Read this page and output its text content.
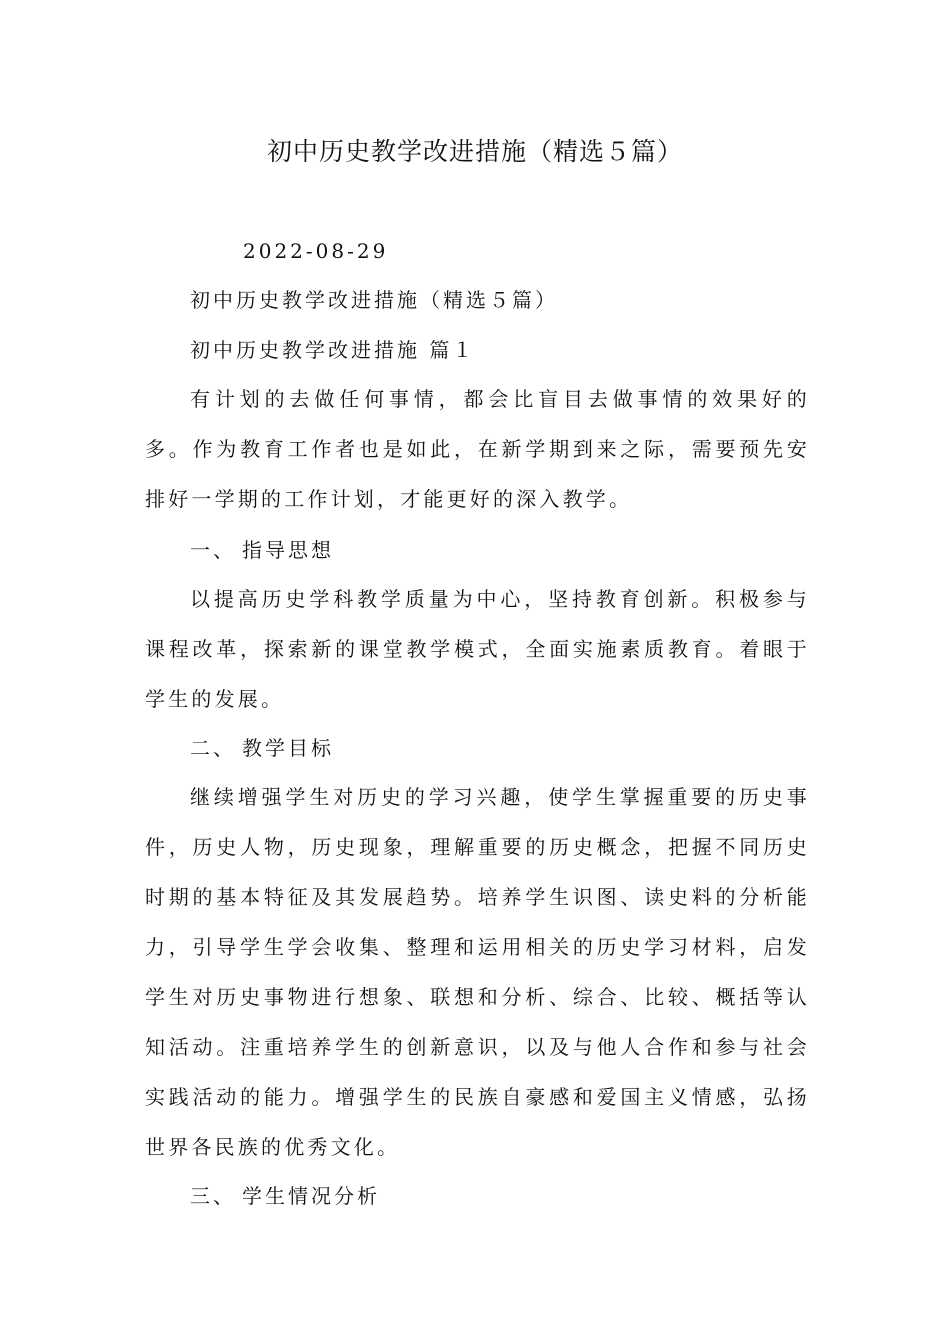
初中历史教学改进措施（精选５篇）
2022-08-29
初中历史教学改进措施（精选５篇）
初中历史教学改进措施 篇１
有计划的去做任何事情，都会比盲目去做事情的效果好的多。作为教育工作者也是如此，在新学期到来之际，需要预先安排好一学期的工作计划，才能更好的深入教学。
一、 指导思想
以提高历史学科教学质量为中心，坚持教育创新。积极参与课程改革，探索新的课堂教学模式，全面实施素质教育。着眼于学生的发展。
二、 教学目标
继续增强学生对历史的学习兴趣，使学生掌握重要的历史事件，历史人物，历史现象，理解重要的历史概念，把握不同历史时期的基本特征及其发展趋势。培养学生识图、读史料的分析能力，引导学生学会收集、整理和运用相关的历史学习材料，启发学生对历史事物进行想象、联想和分析、综合、比较、概括等认知活动。注重培养学生的创新意识，以及与他人合作和参与社会实践活动的能力。增强学生的民族自豪感和爱国主义情感，弘扬世界各民族的优秀文化。
三、 学生情况分析
